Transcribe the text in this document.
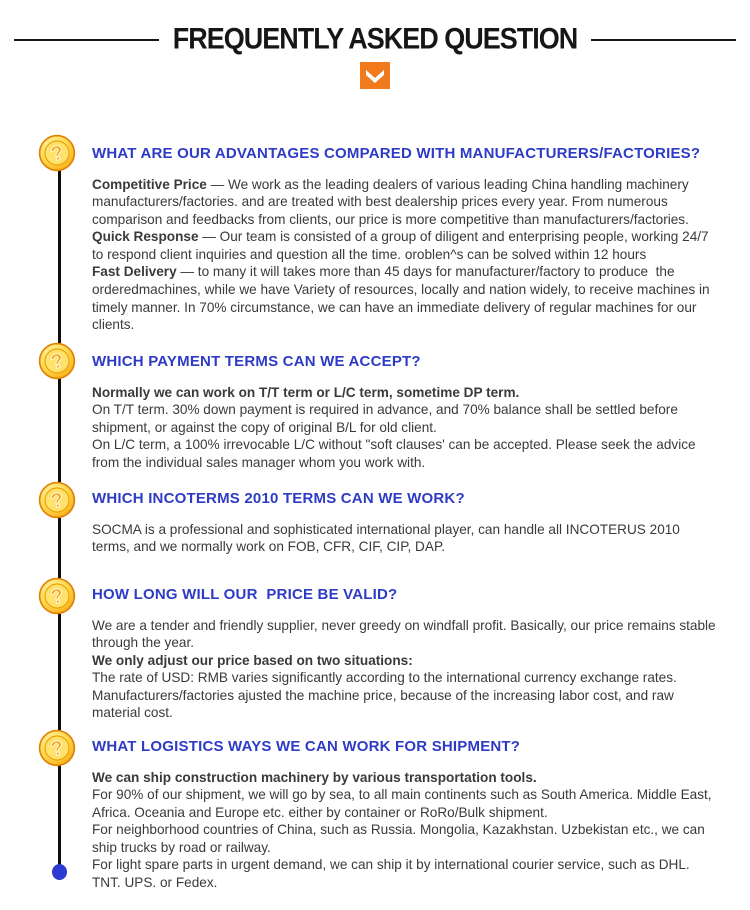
FREQUENTLY ASKED QUESTION
?
?
?
?
?
WHAT ARE OUR ADVANTAGES COMPARED WITH MANUFACTURERS/FACTORIES?

Competitive Price — We work as the leading dealers of various leading China handling machinery manufacturers/factories. and are treated with best dealership prices every year. From numerous comparison and feedbacks from clients, our price is more competitive than manufacturers/factories.

Quick Response — Our team is consisted of a group of diligent and enterprising people, working 24/7 to respond client inquiries and question all the time. oroblen^s can be solved within 12 hours

Fast Delivery — to many it will takes more than 45 days for manufacturer/factory to produce  the orderedmachines, while we have Variety of resources, locally and nation widely, to receive machines in timely manner. In 70% circumstance, we can have an immediate delivery of regular machines for our clients.

WHICH PAYMENT TERMS CAN WE ACCEPT?

Normally we can work on T/T term or L/C term, sometime DP term.

On T/T term. 30% down payment is required in advance, and 70% balance shall be settled before shipment, or against the copy of original B/L for old client.

On L/C term, a 100% irrevocable L/C without "soft clauses' can be accepted. Please seek the advice from the individual sales manager whom you work with.

WHICH INCOTERMS 2010 TERMS CAN WE WORK?

SOCMA is a professional and sophisticated international player, can handle all INCOTERUS 2010 terms, and we normally work on FOB, CFR, CIF, CIP, DAP.

HOW LONG WILL OUR  PRICE BE VALID?

We are a tender and friendly supplier, never greedy on windfall profit. Basically, our price remains stable through the year.

We only adjust our price based on two situations:

The rate of USD: RMB varies significantly according to the international currency exchange rates.

Manufacturers/factories ajusted the machine price, because of the increasing labor cost, and raw material cost.

WHAT LOGISTICS WAYS WE CAN WORK FOR SHIPMENT?

We can ship construction machinery by various transportation tools.

For 90% of our shipment, we will go by sea, to all main continents such as South America. Middle East, Africa. Oceania and Europe etc. either by container or RoRo/Bulk shipment.

For neighborhood countries of China, such as Russia. Mongolia, Kazakhstan. Uzbekistan etc., we can ship trucks by road or railway.

For light spare parts in urgent demand, we can ship it by international courier service, such as DHL. TNT. UPS. or Fedex.
